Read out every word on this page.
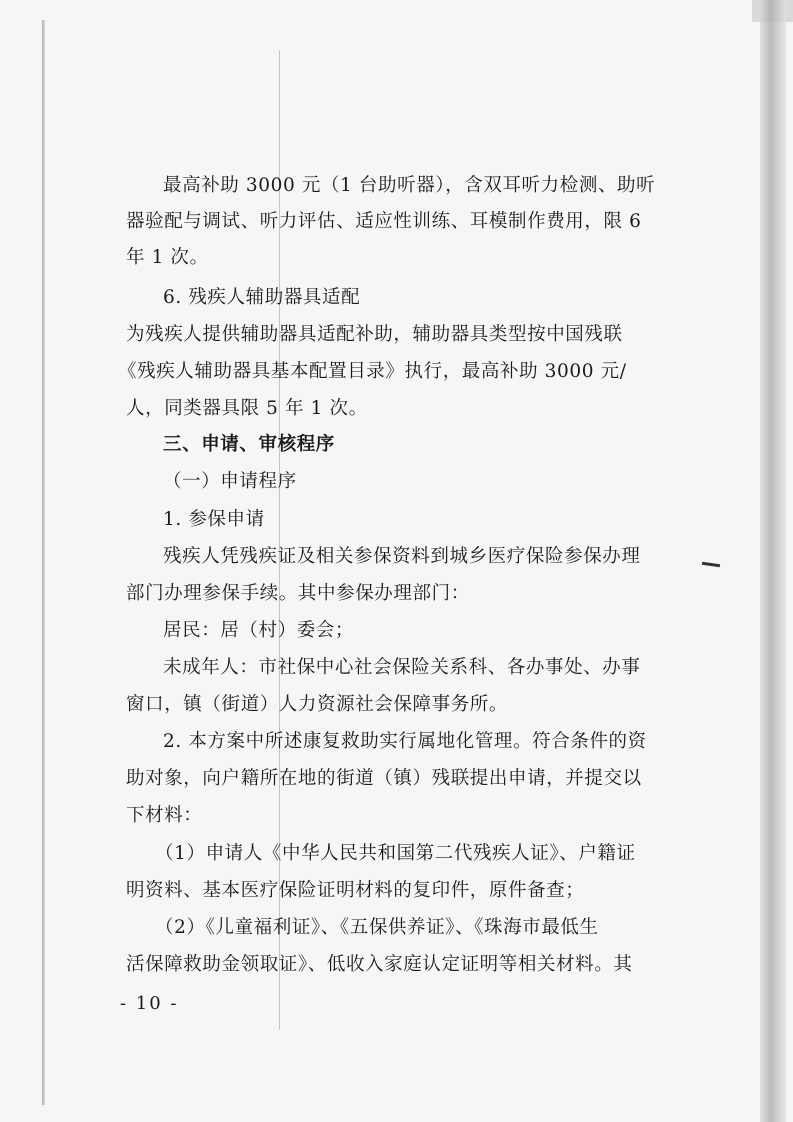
最高补助 3000 元（1 台助听器），含双耳听力检测、助听
器验配与调试、听力评估、适应性训练、耳模制作费用，限 6
年 1 次。
6. 残疾人辅助器具适配
为残疾人提供辅助器具适配补助，辅助器具类型按中国残联
《残疾人辅助器具基本配置目录》执行，最高补助 3000 元/
人，同类器具限 5 年 1 次。
三、申请、审核程序
（一）申请程序
1. 参保申请
残疾人凭残疾证及相关参保资料到城乡医疗保险参保办理
部门办理参保手续。其中参保办理部门：
居民：居（村）委会；
未成年人：市社保中心社会保险关系科、各办事处、办事
窗口，镇（街道）人力资源社会保障事务所。
2. 本方案中所述康复救助实行属地化管理。符合条件的资
助对象，向户籍所在地的街道（镇）残联提出申请，并提交以
下材料：
（1）申请人《中华人民共和国第二代残疾人证》、户籍证
明资料、基本医疗保险证明材料的复印件，原件备查；
（2）《儿童福利证》、《五保供养证》、《珠海市最低生
活保障救助金领取证》、低收入家庭认定证明等相关材料。其
- 10 -
